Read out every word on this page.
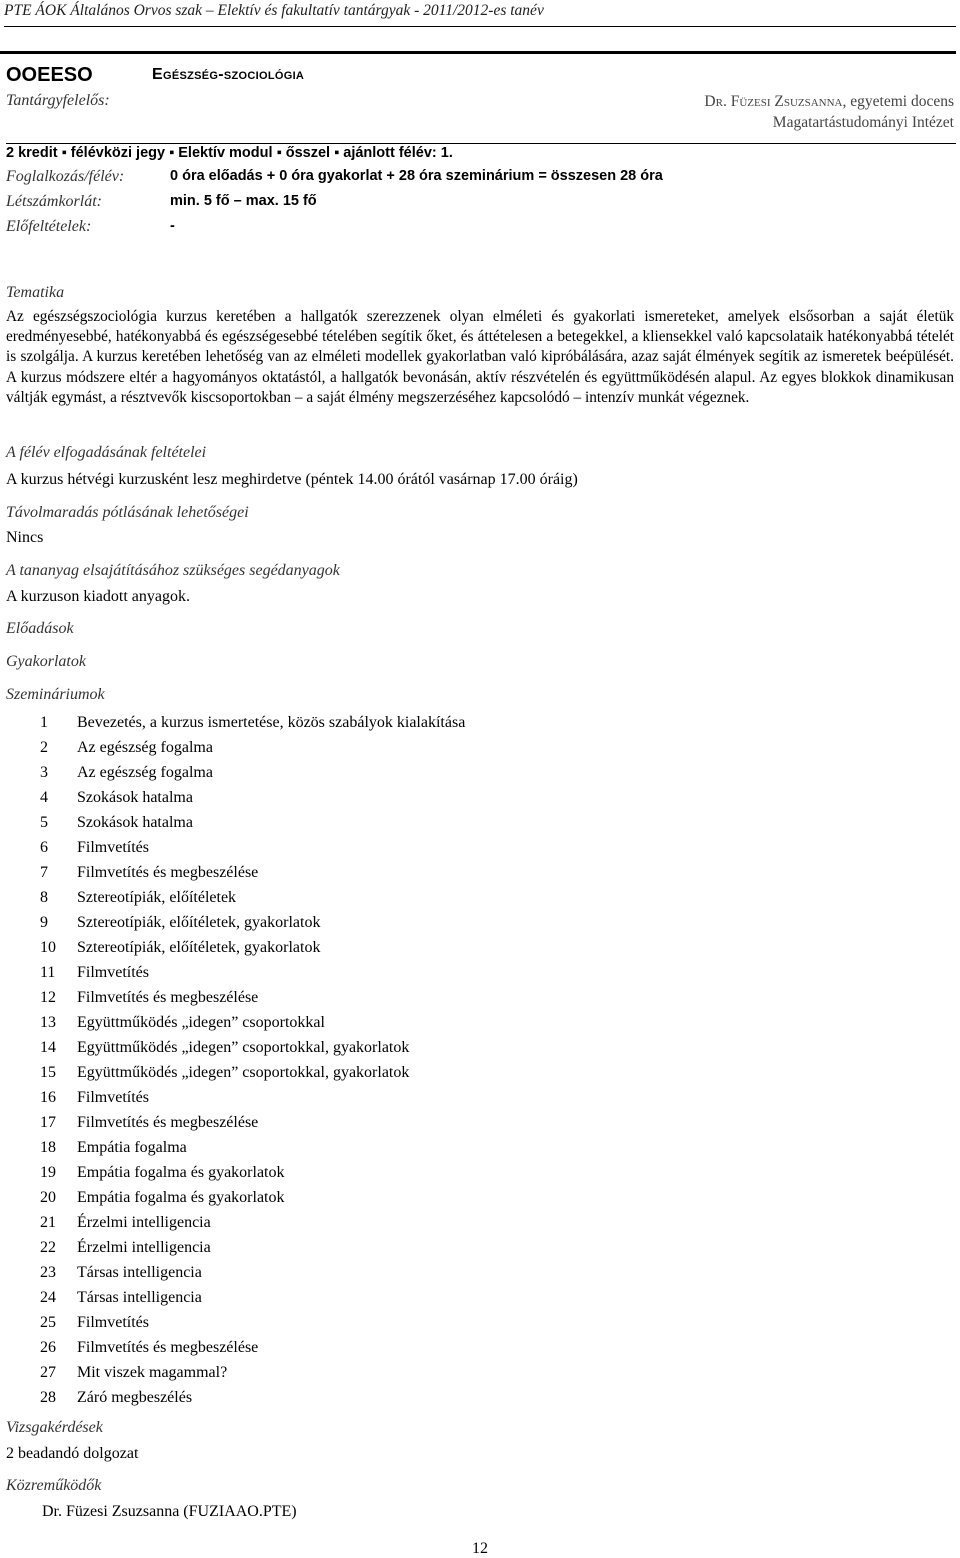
PTE ÁOK Általános Orvos szak – Elektív és fakultatív tantárgyak - 2011/2012-es tanév
OOEESO	Egészség-szociológia
Tantárgyfelelős:	Dr. Füzesi Zsuzsanna, egyetemi docens
Magatartástudományi Intézet
2 kredit ▪ félévközi jegy ▪ Elektív modul ▪ ősszel ▪ ajánlott félév: 1.
Foglalkozás/félév:	0 óra előadás + 0 óra gyakorlat + 28 óra szeminárium = összesen 28 óra
Létszámkorlát:	min. 5 fő – max. 15 fő
Előfeltételek:	-
Tematika
Az egészségszociológia kurzus keretében a hallgatók szerezzenek olyan elméleti és gyakorlati ismereteket, amelyek elsősorban a saját életük eredményesebbé, hatékonyabbá és egészségesebbé tételében segítik őket, és áttételesen a betegekkel, a kliensekkel való kapcsolataik hatékonyabbá tételét is szolgálja. A kurzus keretében lehetőség van az elméleti modellek gyakorlatban való kipróbálására, azaz saját élmények segítik az ismeretek beépülését. A kurzus módszere eltér a hagyományos oktatástól, a hallgatók bevonásán, aktív részvételén és együttműködésén alapul. Az egyes blokkok dinamikusan váltják egymást, a résztvevők kiscsoportokban – a saját élmény megszerzéséhez kapcsolódó – intenzív munkát végeznek.
A félév elfogadásának feltételei
A kurzus hétvégi kurzusként lesz meghirdetve (péntek 14.00 órától vasárnap 17.00 óráig)
Távolmaradás pótlásának lehetőségei
Nincs
A tananyag elsajátításához szükséges segédanyagok
A kurzuson kiadott anyagok.
Előadások
Gyakorlatok
Szemináriumok
1	Bevezetés, a kurzus ismertetése, közös szabályok kialakítása
2	Az egészség fogalma
3	Az egészség fogalma
4	Szokások hatalma
5	Szokások hatalma
6	Filmvetítés
7	Filmvetítés és megbeszélése
8	Sztereotípiák, előítéletek
9	Sztereotípiák, előítéletek, gyakorlatok
10	Sztereotípiák, előítéletek, gyakorlatok
11	Filmvetítés
12	Filmvetítés és megbeszélése
13	Együttműködés „idegen” csoportokkal
14	Együttműködés „idegen” csoportokkal, gyakorlatok
15	Együttműködés „idegen” csoportokkal, gyakorlatok
16	Filmvetítés
17	Filmvetítés és megbeszélése
18	Empátia fogalma
19	Empátia fogalma és gyakorlatok
20	Empátia fogalma és gyakorlatok
21	Érzelmi intelligencia
22	Érzelmi intelligencia
23	Társas intelligencia
24	Társas intelligencia
25	Filmvetítés
26	Filmvetítés és megbeszélése
27	Mit viszek magammal?
28	Záró megbeszélés
Vizsgakérdések
2 beadandó dolgozat
Közreműködők
Dr. Füzesi Zsuzsanna (FUZIAAO.PTE)
12
